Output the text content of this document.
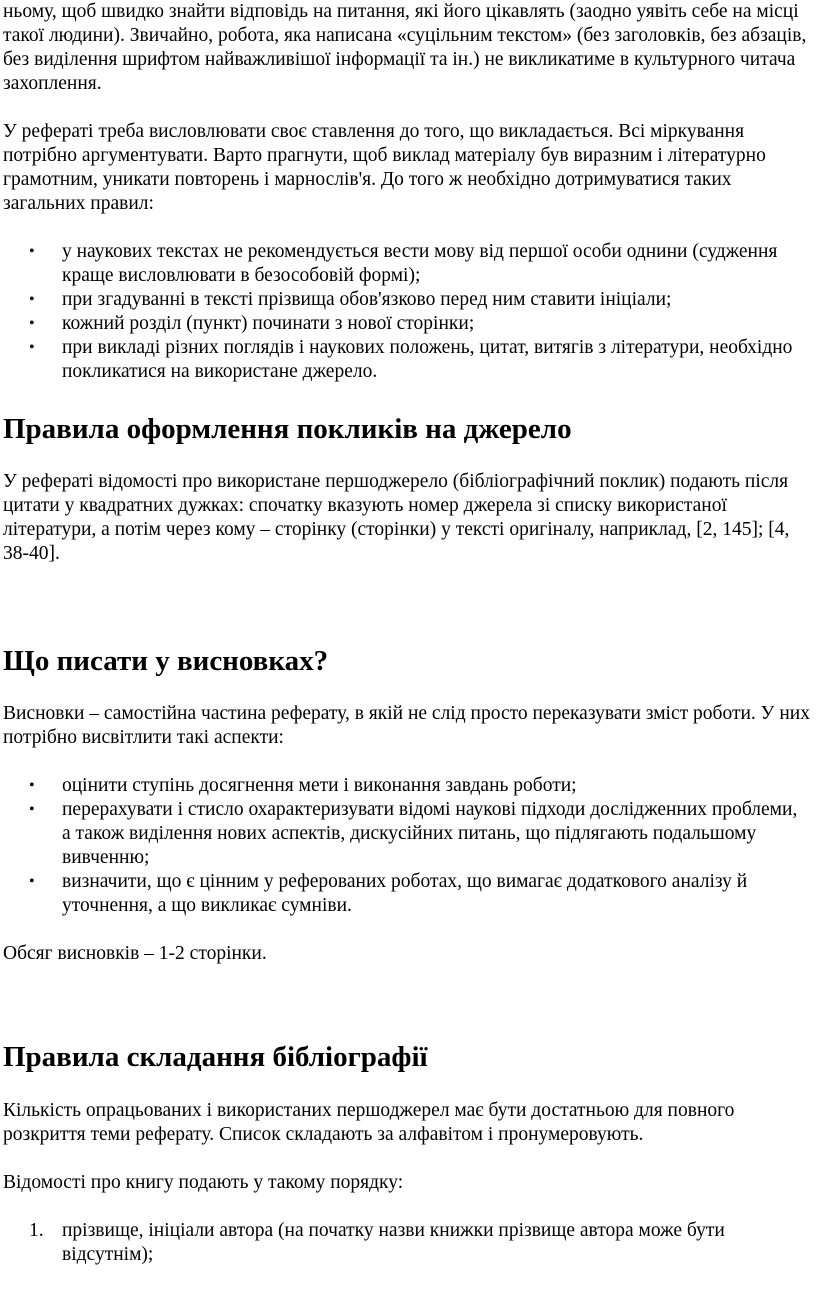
ньому, щоб швидко знайти відповідь на питання, які його цікавлять (заодно уявіть себе на місці такої людини). Звичайно, робота, яка написана «суцільним текстом» (без заголовків, без абзаців, без виділення шрифтом найважливішої інформації та ін.) не викликатиме в культурного читача захоплення.

У рефераті треба висловлювати своє ставлення до того, що викладається. Всі міркування потрібно аргументувати. Варто прагнути, щоб виклад матеріалу був виразним і літературно грамотним, уникати повторень і марнослів'я. До того ж необхідно дотримуватися таких загальних правил:

• у наукових текстах не рекомендується вести мову від першої особи однини (судження краще висловлювати в безособовій формі);
• при згадуванні в тексті прізвища обов'язково перед ним ставити ініціали;
• кожний розділ (пункт) починати з нової сторінки;
• при викладі різних поглядів і наукових положень, цитат, витягів з літератури, необхідно покликатися на використане джерело.
Правила оформлення покликів на джерело

У рефераті відомості про використане першоджерело (бібліографічний поклик) подають після цитати у квадратних дужках: спочатку вказують номер джерела зі списку використаної літератури, а потім через кому – сторінку (сторінки) у тексті оригіналу, наприклад, [2, 145]; [4, 38-40].

Що писати у висновках?

Висновки – самостійна частина реферату, в якій не слід просто переказувати зміст роботи. У них потрібно висвітлити такі аспекти:

• оцінити ступінь досягнення мети і виконання завдань роботи;
• перерахувати і стисло охарактеризувати відомі наукові підходи дослідженних проблеми, а також виділення нових аспектів, дискусійних питань, що підлягають подальшому вивченню;
• визначити, що є цінним у реферованих роботах, що вимагає додаткового аналізу й уточнення, а що викликає сумніви.

Обсяг висновків – 1-2 сторінки.

Правила складання бібліографії

Кількість опрацьованих і використаних першоджерел має бути достатньою для повного розкриття теми реферату. Список складають за алфавітом і пронумеровують.

Відомості про книгу подають у такому порядку:

1. прізвище, ініціали автора (на початку назви книжки прізвище автора може бути відсутнім);
